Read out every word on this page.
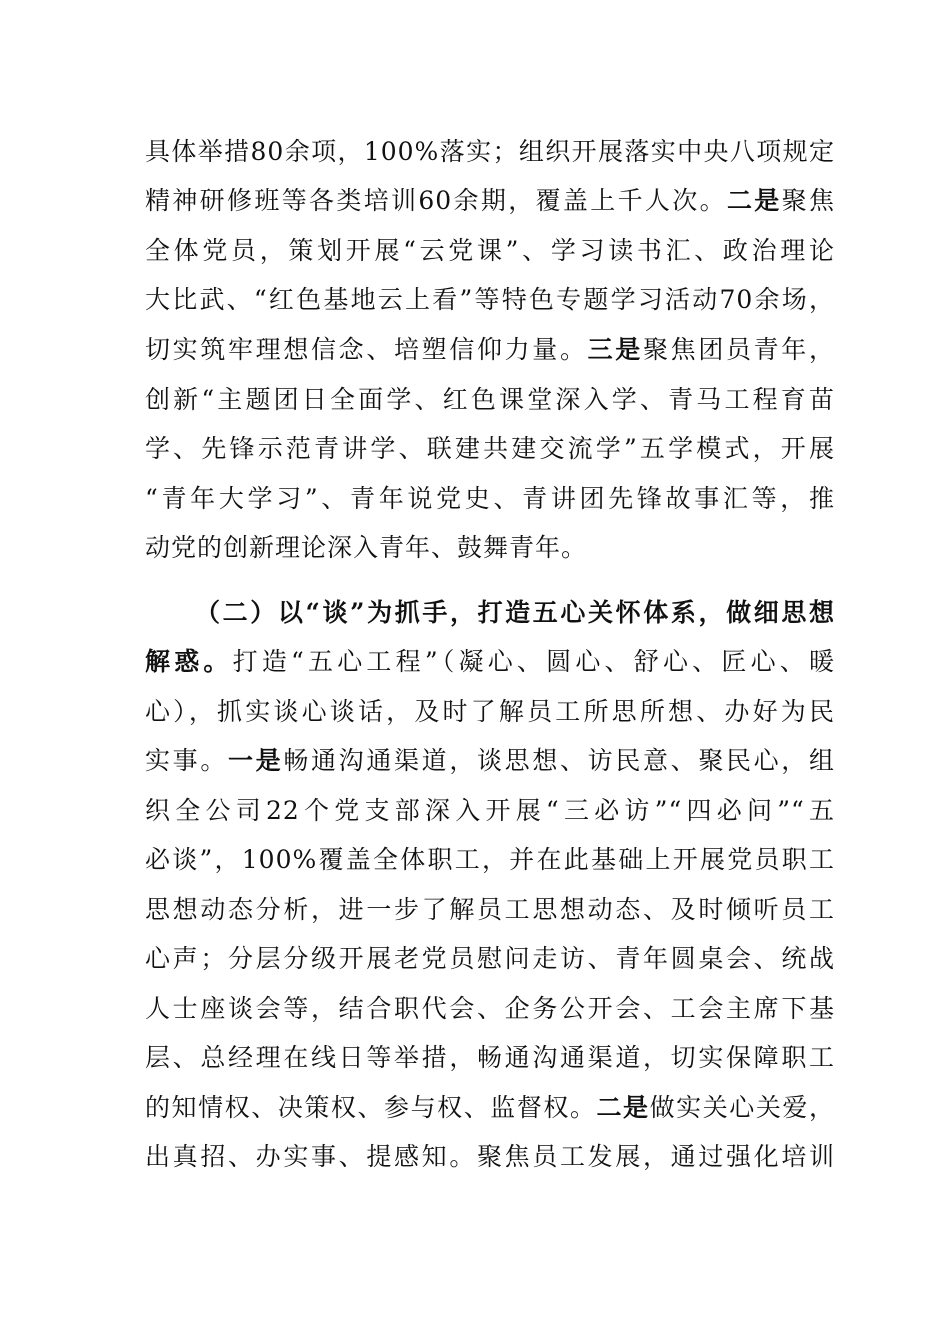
具体举措80余项，100%落实；组织开展落实中央八项规定
精神研修班等各类培训60余期，覆盖上千人次。二是聚焦
全体党员，策划开展“云党课”、学习读书汇、政治理论
大比武、“红色基地云上看”等特色专题学习活动70余场，
切实筑牢理想信念、培塑信仰力量。三是聚焦团员青年，
创新“主题团日全面学、红色课堂深入学、青马工程育苗
学、先锋示范青讲学、联建共建交流学”五学模式，开展
“青年大学习”、青年说党史、青讲团先锋故事汇等，推
动党的创新理论深入青年、鼓舞青年。
（二）以“谈”为抓手，打造五心关怀体系，做细思想
解惑。打造“五心工程”（凝心、圆心、舒心、匠心、暖
心），抓实谈心谈话，及时了解员工所思所想、办好为民
实事。一是畅通沟通渠道，谈思想、访民意、聚民心，组
织全公司22个党支部深入开展“三必访”“四必问”“五
必谈”，100%覆盖全体职工，并在此基础上开展党员职工
思想动态分析，进一步了解员工思想动态、及时倾听员工
心声；分层分级开展老党员慰问走访、青年圆桌会、统战
人士座谈会等，结合职代会、企务公开会、工会主席下基
层、总经理在线日等举措，畅通沟通渠道，切实保障职工
的知情权、决策权、参与权、监督权。二是做实关心关爱，
出真招、办实事、提感知。聚焦员工发展，通过强化培训
